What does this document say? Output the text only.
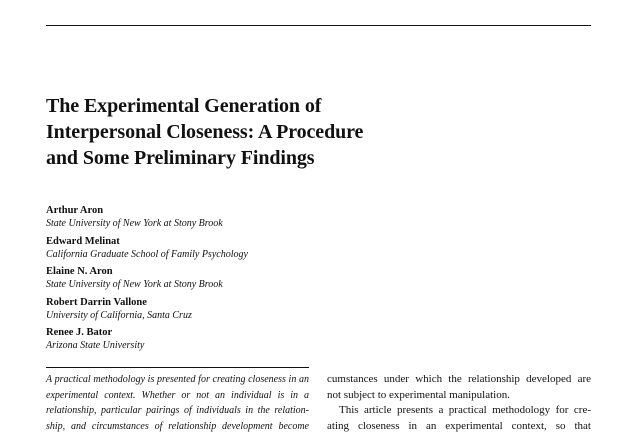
The Experimental Generation of
Interpersonal Closeness: A Procedure
and Some Preliminary Findings
Arthur Aron
State University of New York at Stony Brook
Edward Melinat
California Graduate School of Family Psychology
Elaine N. Aron
State University of New York at Stony Brook
Robert Darrin Vallone
University of California, Santa Cruz
Renee J. Bator
Arizona State University
A practical methodology is presented for creating closeness in an
experimental context. Whether or not an individual is in a
relationship, particular pairings of individuals in the relation-
ship, and circumstances of relationship development become
cumstances under which the relationship developed are
not subject to experimental manipulation.
This article presents a practical methodology for cre-
ating closeness in an experimental context, so that
